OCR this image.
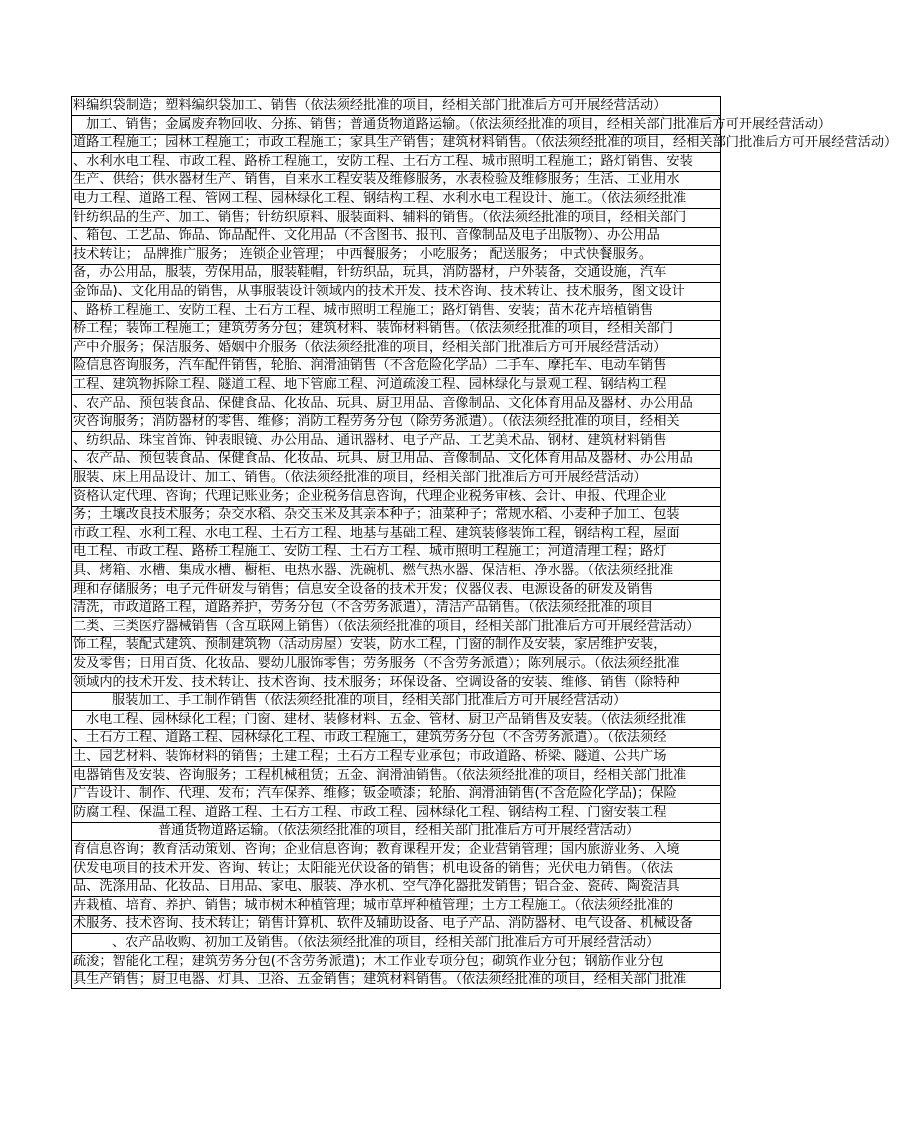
料编织袋制造；塑料编织袋加工、销售（依法须经批准的项目，经相关部门批准后方可开展经营活动）
加工、销售；金属废弃物回收、分拣、销售；普通货物道路运输。（依法须经批准的项目，经相关部门批准后方可开展经营活动）
道路工程施工；园林工程施工；市政工程施工；家具生产销售；建筑材料销售。（依法须经批准的项目，经相关部门批准后方可开展经营活动）
、水利水电工程、市政工程、路桥工程施工，安防工程、土石方工程、城市照明工程施工；路灯销售、安装
生产、供给；供水器材生产、销售，自来水工程安装及维修服务，水表检验及维修服务；生活、工业用水
电力工程、道路工程、管网工程、园林绿化工程、钢结构工程、水利水电工程设计、施工。（依法须经批准
针纺织品的生产、加工、销售；针纺织原料、服装面料、辅料的销售。（依法须经批准的项目，经相关部门
、箱包、工艺品、饰品、饰品配件、文化用品（不含图书、报刊、音像制品及电子出版物）、办公用品
技术转让； 品牌推广服务； 连锁企业管理； 中西餐服务； 小吃服务； 配送服务； 中式快餐服务。
备，办公用品，服装，劳保用品，服装鞋帽，针纺织品，玩具，消防器材，户外装备，交通设施，汽车
金饰品)、文化用品的销售，从事服装设计领域内的技术开发、技术咨询、技术转让、技术服务，图文设计
、路桥工程施工、安防工程、土石方工程、城市照明工程施工；路灯销售、安装；苗木花卉培植销售
桥工程；装饰工程施工；建筑劳务分包；建筑材料、装饰材料销售。（依法须经批准的项目，经相关部门
产中介服务；保洁服务、婚姻中介服务（依法须经批准的项目，经相关部门批准后方可开展经营活动）
险信息咨询服务，汽车配件销售，轮胎、润滑油销售（不含危险化学品）二手车、摩托车、电动车销售
工程、建筑物拆除工程、隧道工程、地下管廊工程、河道疏浚工程、园林绿化与景观工程、钢结构工程
、农产品、预包装食品、保健食品、化妆品、玩具、厨卫用品、音像制品、文化体育用品及器材、办公用品
灾咨询服务；消防器材的零售、维修；消防工程劳务分包（除劳务派遣）。（依法须经批准的项目，经相关
、纺织品、珠宝首饰、钟表眼镜、办公用品、通讯器材、电子产品、工艺美术品、钢材、建筑材料销售
、农产品、预包装食品、保健食品、化妆品、玩具、厨卫用品、音像制品、文化体育用品及器材、办公用品
服装、床上用品设计、加工、销售。（依法须经批准的项目，经相关部门批准后方可开展经营活动）
资格认定代理、咨询；代理记账业务；企业税务信息咨询，代理企业税务审核、会计、申报、代理企业
务；土壤改良技术服务；杂交水稻、杂交玉米及其亲本种子；油菜种子；常规水稻、小麦种子加工、包装
市政工程、水利工程、水电工程、土石方工程、地基与基础工程、建筑装修装饰工程，钢结构工程，屋面
电工程、市政工程、路桥工程施工、安防工程、土石方工程、城市照明工程施工；河道清理工程；路灯
具、烤箱、水槽、集成水槽、橱柜、电热水器、洗碗机、燃气热水器、保洁柜、净水器。（依法须经批准
理和存储服务；电子元件研发与销售；信息安全设备的技术开发；仪器仪表、电源设备的研发及销售
清洗，市政道路工程，道路养护，劳务分包（不含劳务派遣），清洁产品销售。（依法须经批准的项目
二类、三类医疗器械销售（含互联网上销售）（依法须经批准的项目，经相关部门批准后方可开展经营活动）
饰工程，装配式建筑、预制建筑物（活动房屋）安装，防水工程，门窗的制作及安装，家居维护安装，
发及零售；日用百货、化妆品、婴幼儿服饰零售；劳务服务（不含劳务派遣）；陈列展示。（依法须经批准
领域内的技术开发、技术转让、技术咨询、技术服务；环保设备、空调设备的安装、维修、销售（除特种
服装加工、手工制作销售（依法须经批准的项目，经相关部门批准后方可开展经营活动）
水电工程、园林绿化工程；门窗、建材、装修材料、五金、管材、厨卫产品销售及安装。（依法须经批准
、土石方工程、道路工程、园林绿化工程、市政工程施工，建筑劳务分包（不含劳务派遣）。（依法须经
土、园艺材料、装饰材料的销售；土建工程；土石方工程专业承包；市政道路、桥梁、隧道、公共广场
电器销售及安装、咨询服务；工程机械租赁；五金、润滑油销售。（依法须经批准的项目，经相关部门批准
广告设计、制作、代理、发布；汽车保养、维修；钣金喷漆；轮胎、润滑油销售(不含危险化学品)；保险
防腐工程、保温工程、道路工程、土石方工程、市政工程、园林绿化工程、钢结构工程、门窗安装工程
普通货物道路运输。（依法须经批准的项目，经相关部门批准后方可开展经营活动）
育信息咨询；教育活动策划、咨询；企业信息咨询；教育课程开发；企业营销管理；国内旅游业务、入境
伏发电项目的技术开发、咨询、转让；太阳能光伏设备的销售；机电设备的销售；光伏电力销售。（依法
品、洗涤用品、化妆品、日用品、家电、服装、净水机、空气净化器批发销售；铝合金、瓷砖、陶瓷洁具
卉栽植、培育、养护、销售；城市树木种植管理；城市草坪种植管理；土方工程施工。（依法须经批准的
术服务、技术咨询、技术转让；销售计算机、软件及辅助设备、电子产品、消防器材、电气设备、机械设备
、农产品收购、初加工及销售。（依法须经批准的项目，经相关部门批准后方可开展经营活动）
疏浚；智能化工程；建筑劳务分包(不含劳务派遣)；木工作业专项分包；砌筑作业分包；钢筋作业分包
具生产销售；厨卫电器、灯具、卫浴、五金销售；建筑材料销售。（依法须经批准的项目，经相关部门批准
